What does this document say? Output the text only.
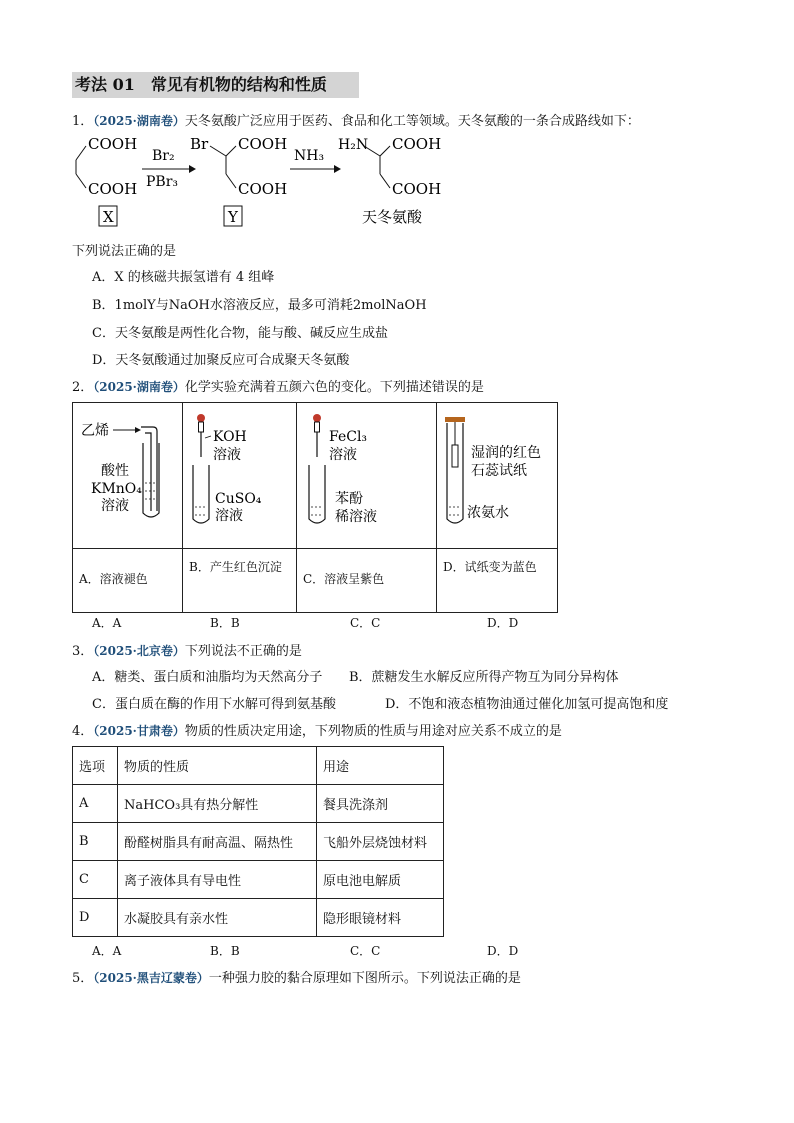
考法 01　常见有机物的结构和性质
1．（2025·湖南卷）天冬氨酸广泛应用于医药、食品和化工等领域。天冬氨酸的一条合成路线如下：
COOH
COOH
X
Br₂
PBr₃
Br COOH
COOH
Y
NH₃
H₂N COOH
COOH
天冬氨酸
下列说法正确的是
A．X 的核磁共振氢谱有 4 组峰
B．1molY与NaOH水溶液反应，最多可消耗2molNaOH
C．天冬氨酸是两性化合物，能与酸、碱反应生成盐
D．天冬氨酸通过加聚反应可合成聚天冬氨酸
2．（2025·湖南卷）化学实验充满着五颜六色的变化。下列描述错误的是
乙烯
酸性
KMnO₄
溶液	KOH
溶液
CuSO₄
溶液	FeCl₃
溶液
苯酚
稀溶液	湿润的红色
石蕊试纸
浓氨水

A．溶液褪色	B．产生红色沉淀	C．溶液呈紫色	D．试纸变为蓝色
A．A	B．B	C．C	D．D
3．（2025·北京卷）下列说法不正确的是
A．糖类、蛋白质和油脂均为天然高分子 B．蔗糖发生水解反应所得产物互为同分异构体
C．蛋白质在酶的作用下水解可得到氨基酸	D．不饱和液态植物油通过催化加氢可提高饱和度
4．（2025·甘肃卷）物质的性质决定用途，下列物质的性质与用途对应关系不成立的是
选项	物质的性质	用途
A	NaHCO₃具有热分解性	餐具洗涤剂
B	酚醛树脂具有耐高温、隔热性	飞船外层烧蚀材料
C	离子液体具有导电性	原电池电解质
D	水凝胶具有亲水性	隐形眼镜材料
A．A	B．B	C．C	D．D
5．（2025·黑吉辽蒙卷）一种强力胶的黏合原理如下图所示。下列说法正确的是
